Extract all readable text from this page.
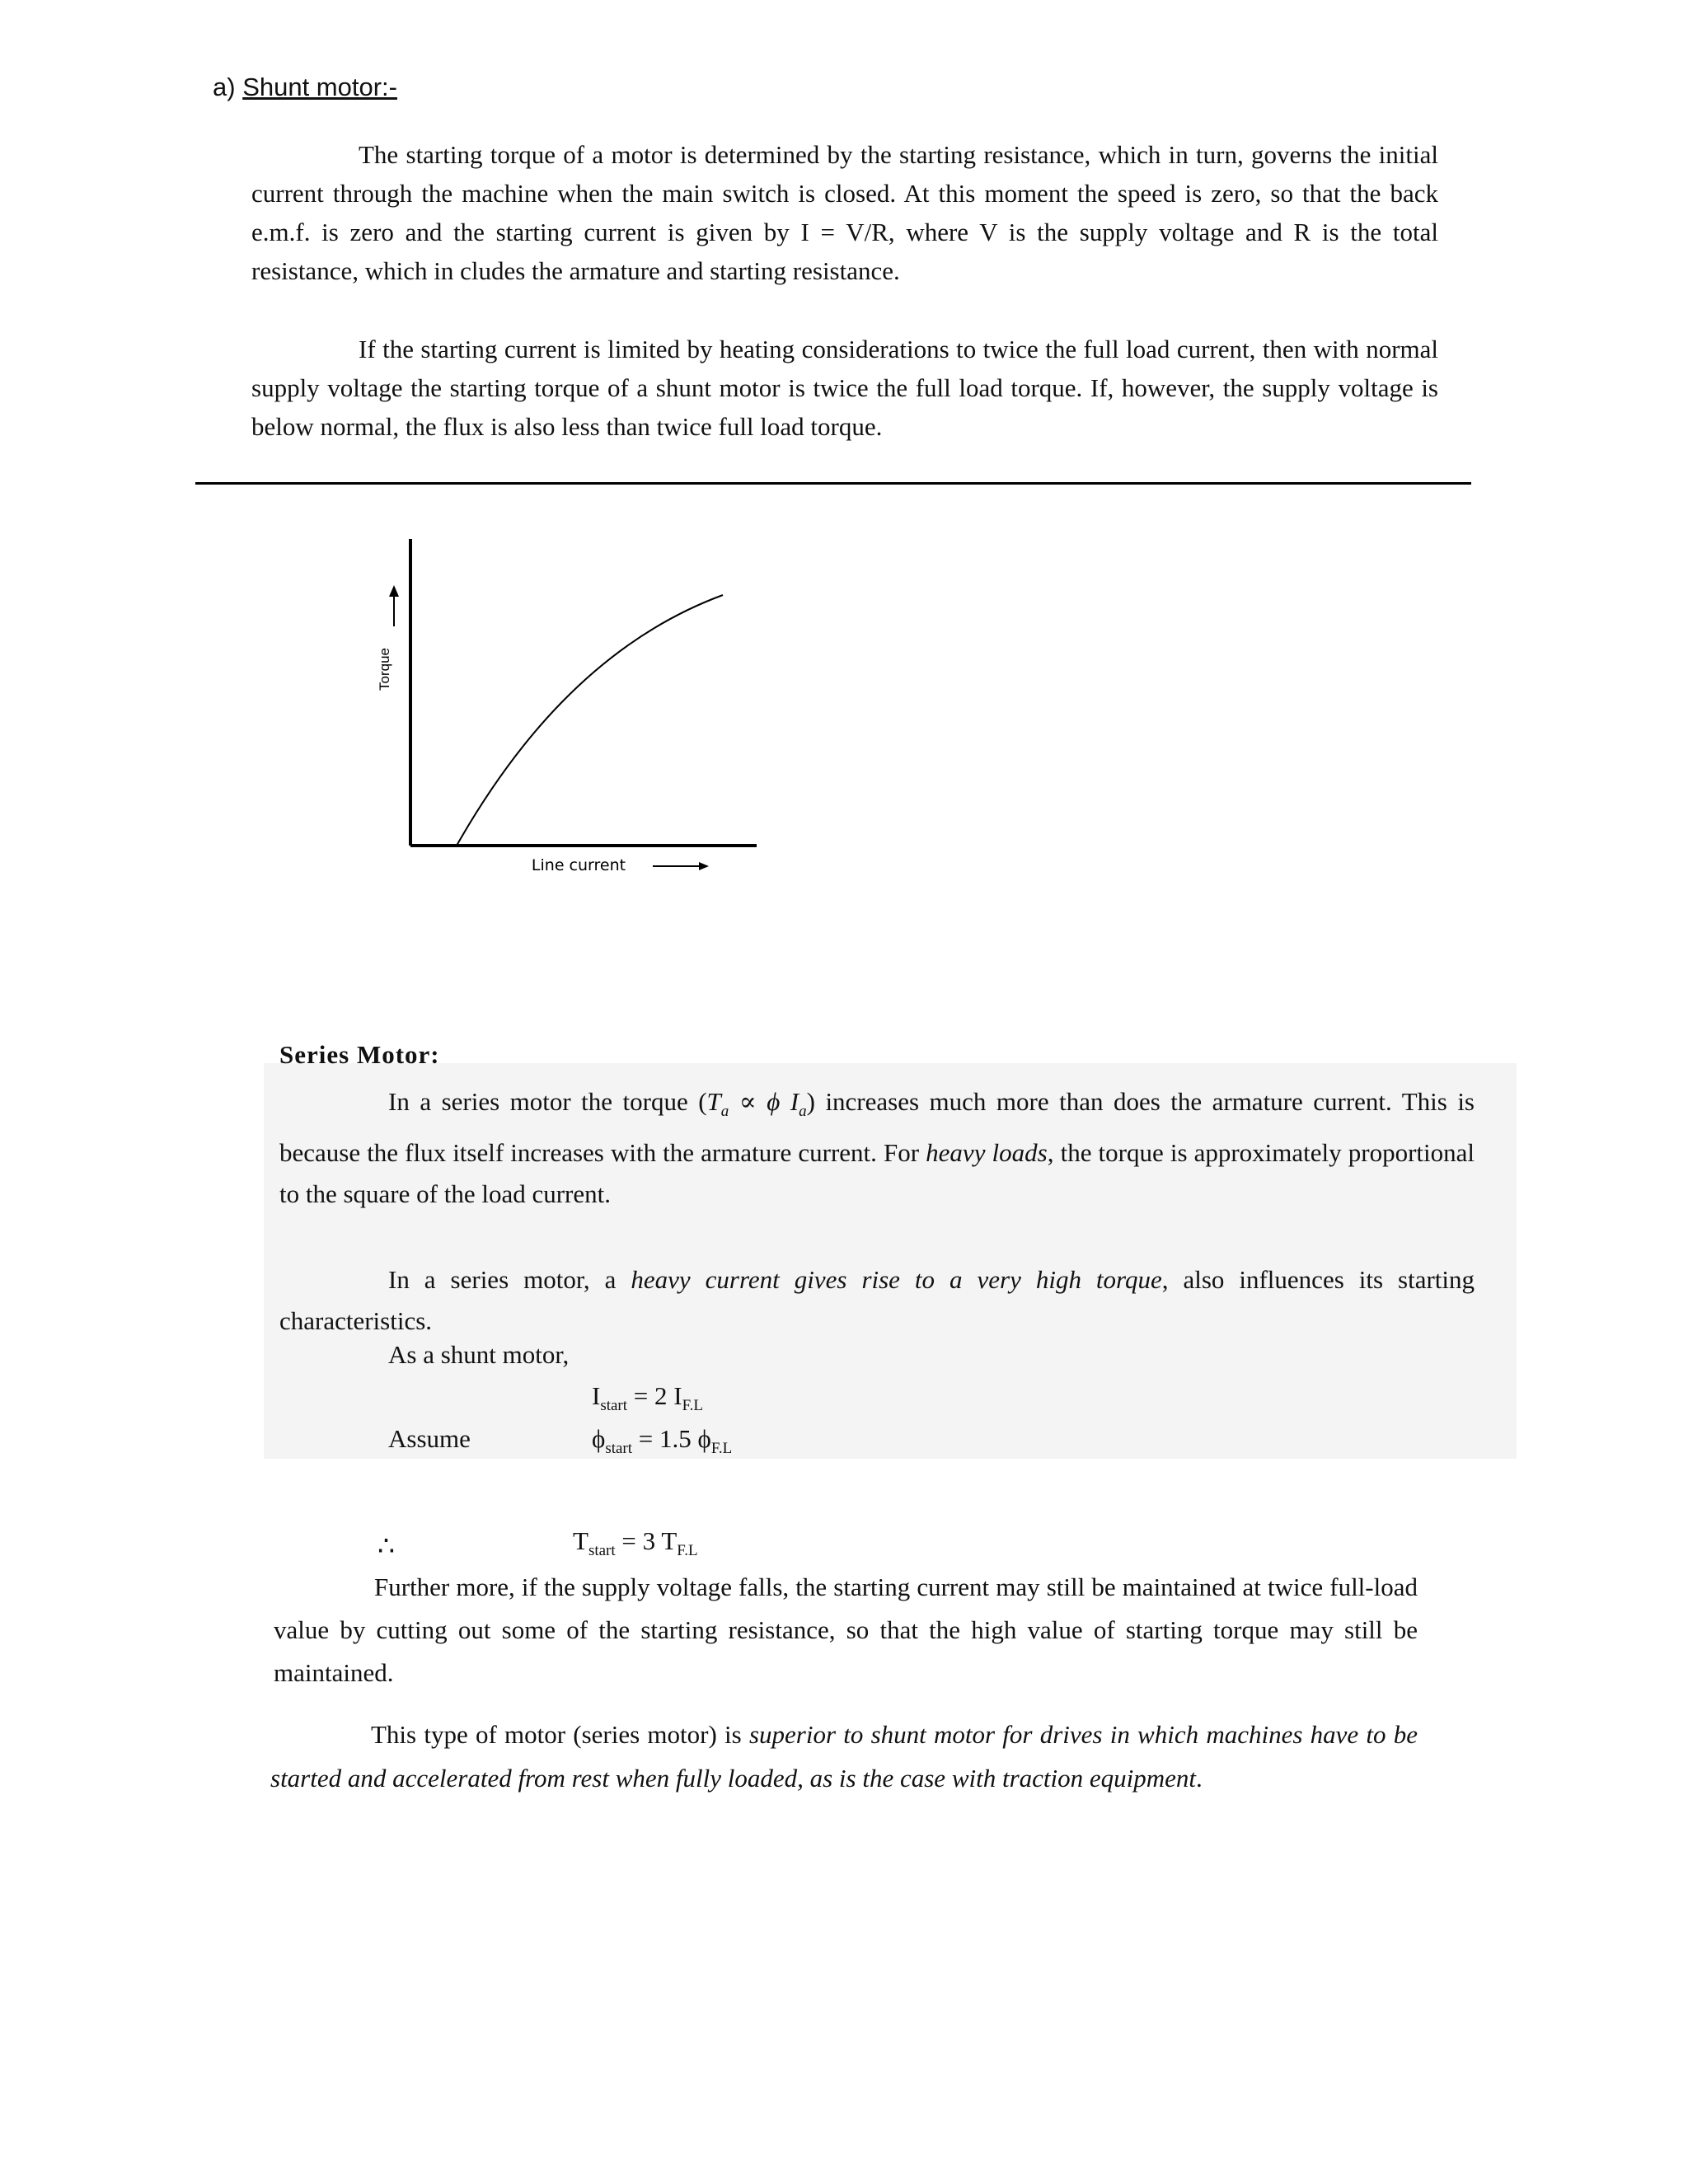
a) Shunt motor:-
The starting torque of a motor is determined by the starting resistance, which in turn, governs the initial current through the machine when the main switch is closed. At this moment the speed is zero, so that the back e.m.f. is zero and the starting current is given by I = V/R, where V is the supply voltage and R is the total resistance, which in cludes the armature and starting resistance.
If the starting current is limited by heating considerations to twice the full load current, then with normal supply voltage the starting torque of a shunt motor is twice the full load torque. If, however, the supply voltage is below normal, the flux is also less than twice full load torque.
Torque
Line current
Series Motor:
In a series motor the torque ($T_a \propto \phi$ $I_a$) increases much more than does the armature current. This is because the flux itself increases with the armature current. For heavy loads, the torque is approximately proportional to the square of the load current.
In a series motor, a heavy current gives rise to a very high torque, also influences its starting characteristics.
As a shunt motor,
$I_{start} = 2$ $I_{F.L}$
Assume	$\phi_{start} = 1.5$ $\phi_{F.L}$
∴	$T_{start} = 3$ $T_{F.L}$
Further more, if the supply voltage falls, the starting current may still be maintained at twice full-load value by cutting out some of the starting resistance, so that the high value of starting torque may still be maintained.
This type of motor (series motor) is superior to shunt motor for drives in which machines have to be started and accelerated from rest when fully loaded, as is the case with traction equipment.
